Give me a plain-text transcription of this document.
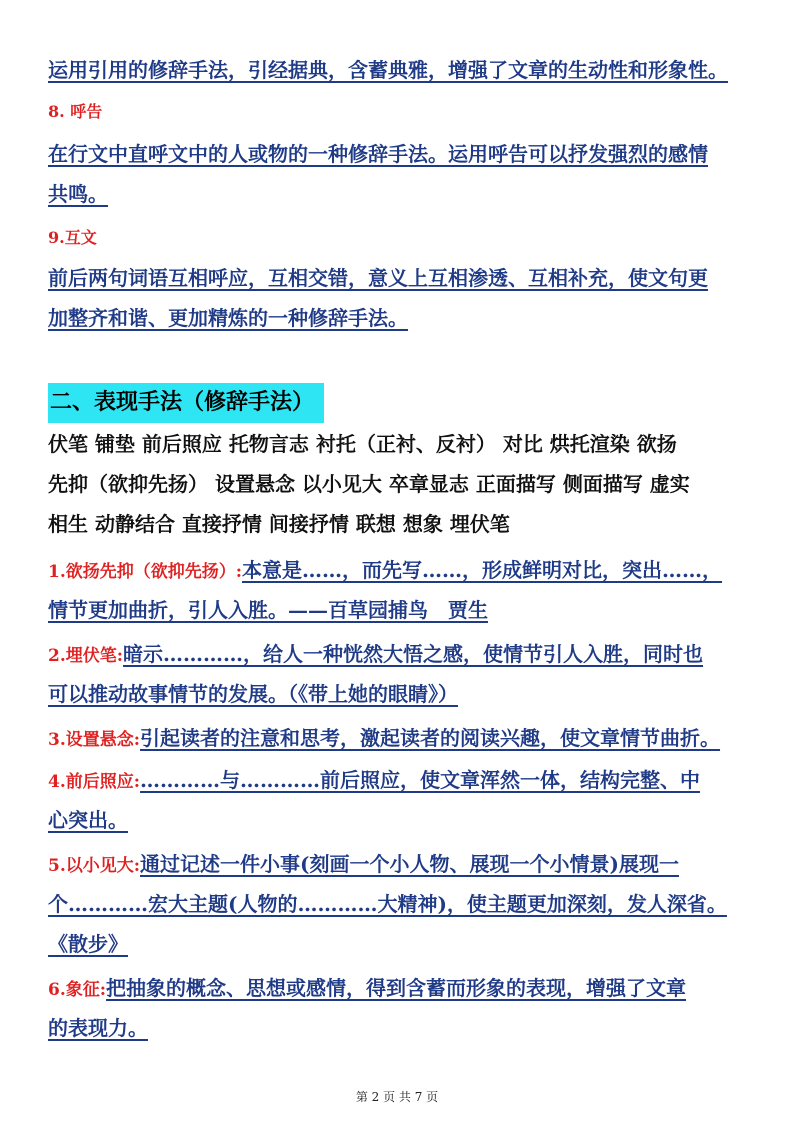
运用引用的修辞手法，引经据典，含蓄典雅，增强了文章的生动性和形象性。
8. 呼告
在行文中直呼文中的人或物的一种修辞手法。运用呼告可以抒发强烈的感情
共鸣。
9.互文
前后两句词语互相呼应，互相交错，意义上互相渗透、互相补充，使文句更
加整齐和谐、更加精炼的一种修辞手法。
二、表现手法（修辞手法）
伏笔 铺垫 前后照应 托物言志 衬托（正衬、反衬） 对比 烘托渲染 欲扬
先抑（欲抑先扬） 设置悬念 以小见大 卒章显志 正面描写 侧面描写 虚实
相生 动静结合 直接抒情 间接抒情 联想 想象 埋伏笔
1.欲扬先抑（欲抑先扬）:本意是……，而先写……，形成鲜明对比，突出……，
情节更加曲折，引人入胜。——百草园捕鸟　贾生
2.埋伏笔:暗示…………，给人一种恍然大悟之感，使情节引人入胜，同时也
可以推动故事情节的发展。（《带上她的眼睛》）
3.设置悬念:引起读者的注意和思考，激起读者的阅读兴趣，使文章情节曲折。
4.前后照应:…………与…………前后照应，使文章浑然一体，结构完整、中
心突出。
5.以小见大:通过记述一件小事(刻画一个小人物、展现一个小情景)展现一
个…………宏大主题(人物的…………大精神)，使主题更加深刻，发人深省。
《散步》
6.象征:把抽象的概念、思想或感情，得到含蓄而形象的表现，增强了文章
的表现力。
第 2 页 共 7 页
